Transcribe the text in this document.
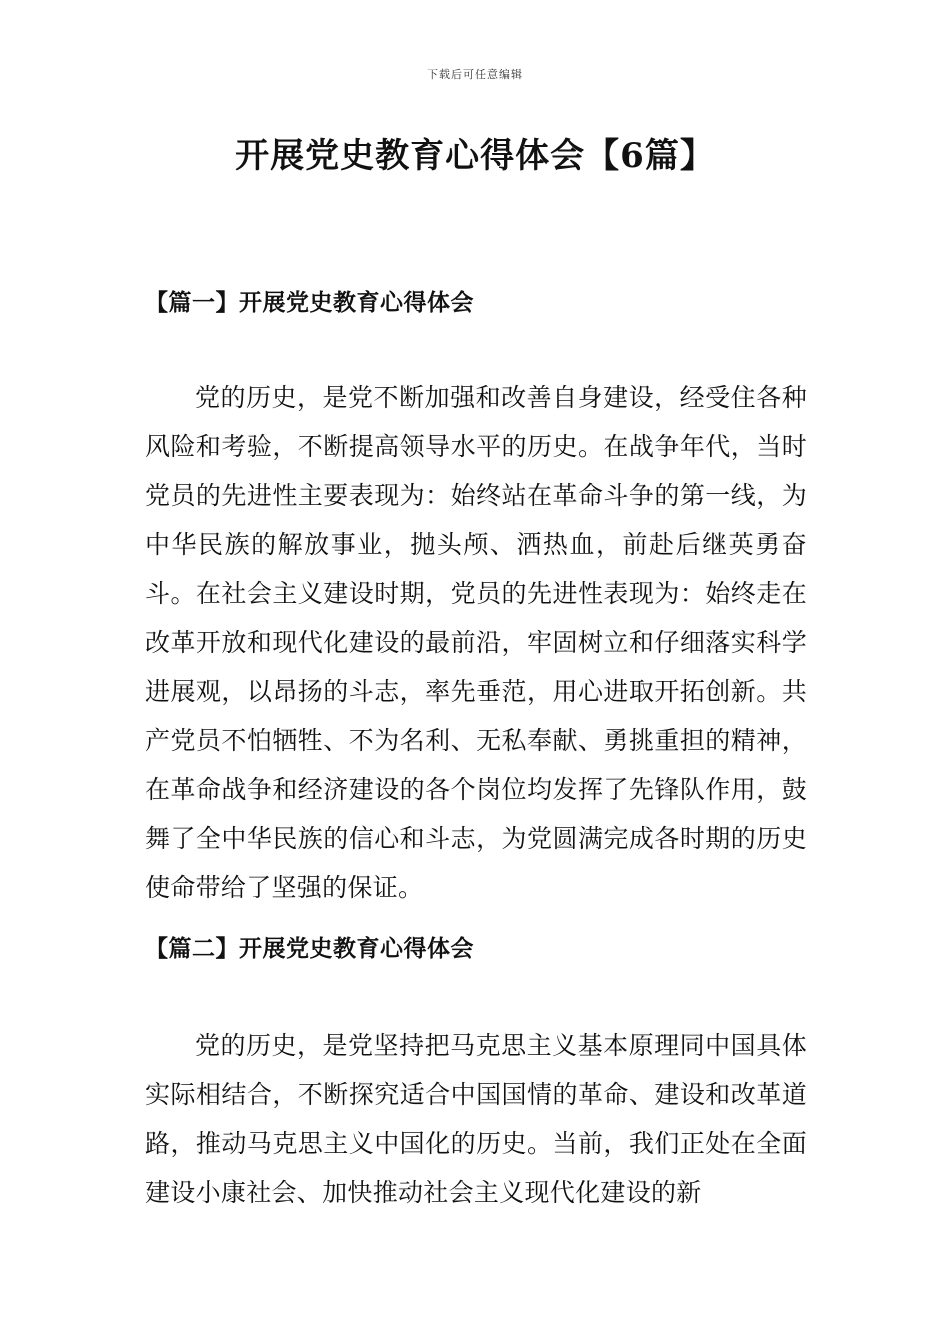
下载后可任意编辑
开展党史教育心得体会【6篇】
【篇一】开展党史教育心得体会

党的历史，是党不断加强和改善自身建设，经受住各种风险和考验，不断提高领导水平的历史。在战争年代，当时党员的先进性主要表现为：始终站在革命斗争的第一线，为中华民族的解放事业，抛头颅、洒热血，前赴后继英勇奋斗。在社会主义建设时期，党员的先进性表现为：始终走在改革开放和现代化建设的最前沿，牢固树立和仔细落实科学进展观，以昂扬的斗志，率先垂范，用心进取开拓创新。共产党员不怕牺牲、不为名利、无私奉献、勇挑重担的精神，在革命战争和经济建设的各个岗位均发挥了先锋队作用，鼓舞了全中华民族的信心和斗志，为党圆满完成各时期的历史使命带给了坚强的保证。

【篇二】开展党史教育心得体会

党的历史，是党坚持把马克思主义基本原理同中国具体实际相结合，不断探究适合中国国情的革命、建设和改革道路，推动马克思主义中国化的历史。当前，我们正处在全面建设小康社会、加快推动社会主义现代化建设的新
